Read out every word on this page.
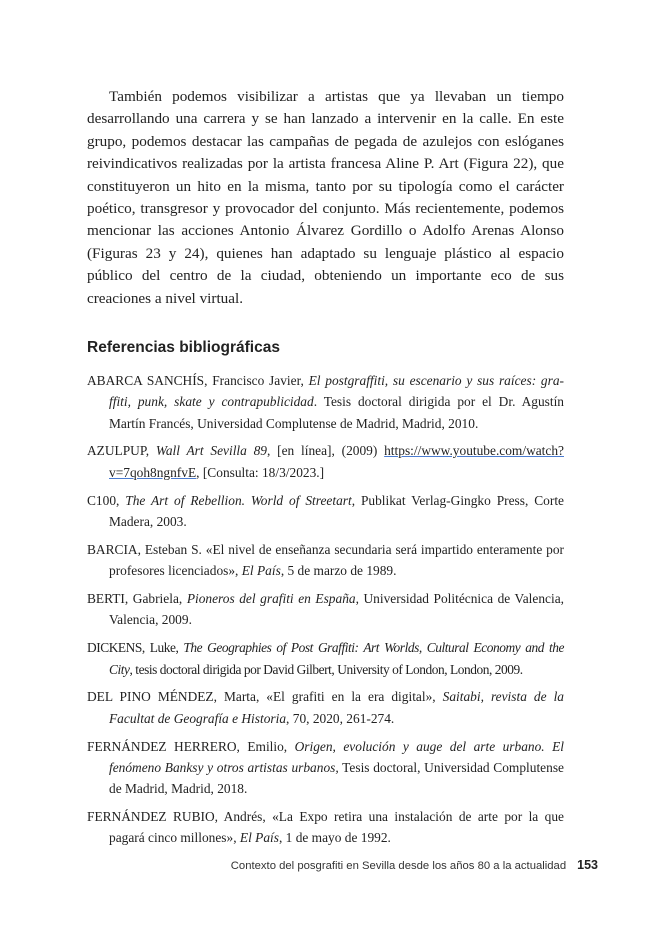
También podemos visibilizar a artistas que ya llevaban un tiempo desarrollando una carrera y se han lanzado a intervenir en la calle. En este grupo, podemos destacar las campañas de pegada de azulejos con eslóganes reivindicativos realizadas por la artista francesa Aline P. Art (Figura 22), que constituyeron un hito en la misma, tanto por su tipología como el carácter poético, transgresor y provocador del conjunto. Más recientemente, podemos mencionar las acciones Antonio Álvarez Gordillo o Adolfo Arenas Alonso (Figuras 23 y 24), quienes han adaptado su lenguaje plástico al espacio público del centro de la ciudad, obteniendo un importante eco de sus creaciones a nivel virtual.

Referencias bibliográficas
ABARCA SANCHÍS, Francisco Javier, El postgraffiti, su escenario y sus raíces: graffiti, punk, skate y contrapublicidad. Tesis doctoral dirigida por el Dr. Agustín Martín Francés, Universidad Complutense de Madrid, Madrid, 2010.
AZULPUP, Wall Art Sevilla 89, [en línea], (2009) https://www.youtube.com/watch?v=7qoh8ngnfvE, [Consulta: 18/3/2023.]
C100, The Art of Rebellion. World of Streetart, Publikat Verlag-Gingko Press, Corte Madera, 2003.
BARCIA, Esteban S. «El nivel de enseñanza secundaria será impartido enteramente por profesores licenciados», El País, 5 de marzo de 1989.
BERTI, Gabriela, Pioneros del grafiti en España, Universidad Politécnica de Valencia, Valencia, 2009.
DICKENS, Luke, The Geographies of Post Graffiti: Art Worlds, Cultural Economy and the City, tesis doctoral dirigida por David Gilbert, University of London, London, 2009.
DEL PINO MÉNDEZ, Marta, «El grafiti en la era digital», Saitabi, revista de la Facultat de Geografía e Historia, 70, 2020, 261-274.
FERNÁNDEZ HERRERO, Emilio, Origen, evolución y auge del arte urbano. El fenómeno Banksy y otros artistas urbanos, Tesis doctoral, Universidad Complutense de Madrid, Madrid, 2018.
FERNÁNDEZ RUBIO, Andrés, «La Expo retira una instalación de arte por la que pagará cinco millones», El País, 1 de mayo de 1992.
Contexto del posgrafiti en Sevilla desde los años 80 a la actualidad 153
